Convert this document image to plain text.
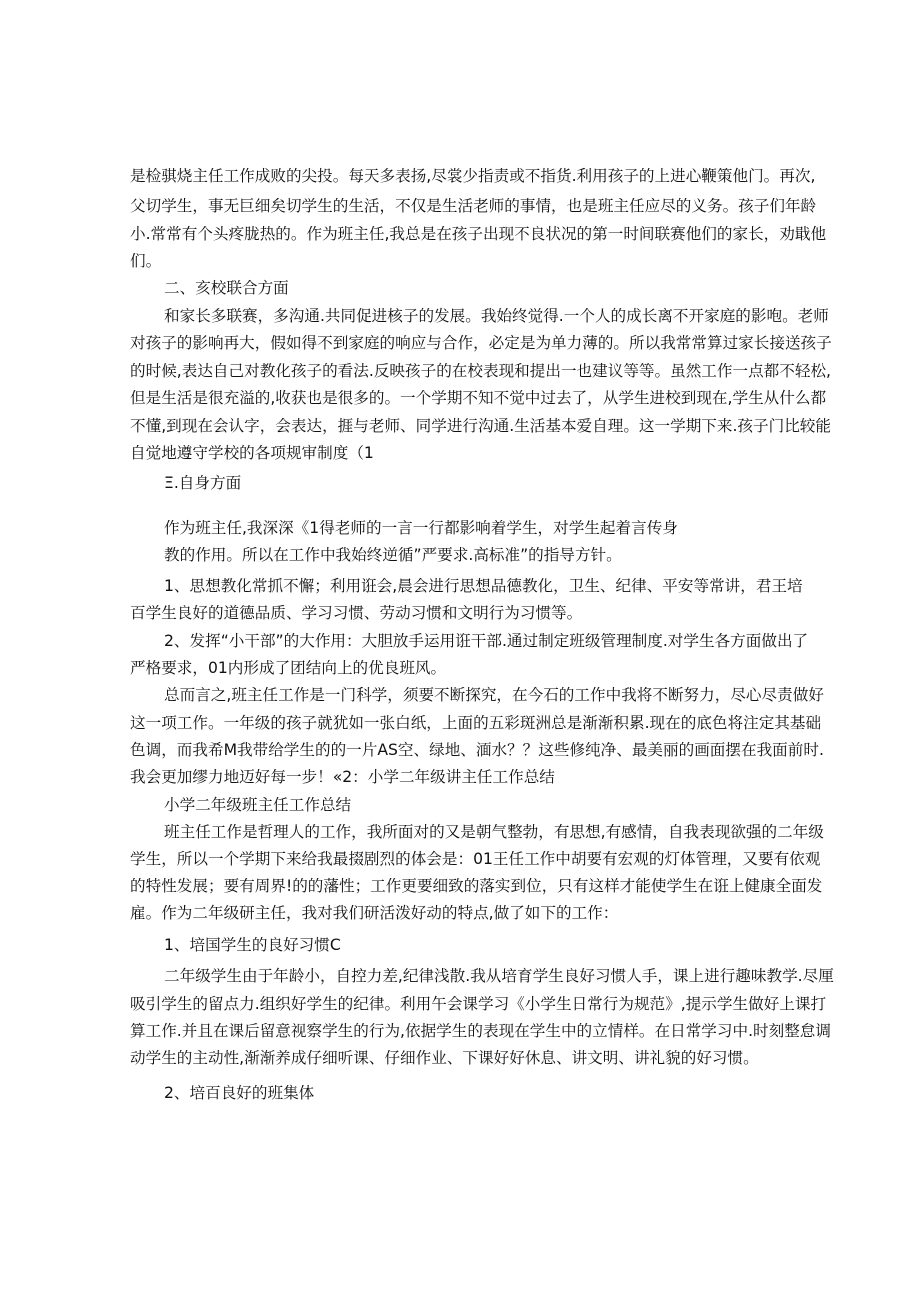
是检骐烧主任工作成败的尖投。每天多表扬,尽裳少指责或不指货.利用孩子的上进心鞭策他门。再次,
父切学生，事无巨细矣切学生的生活，不仅是生活老师的事情，也是班主任应尽的义务。孩子们年龄
小.常常有个头疼胧热的。作为班主任,我总是在孩子出现不良状况的第一时间联赛他们的家长，劝戢他
们。
二、亥校联合方面
和家长多联赛，多沟通.共同促进核子的发展。我始终觉得.一个人的成长离不开家庭的影咆。老师
对孩子的影响再大，假如得不到家庭的响应与合作，必定是为单力薄的。所以我常常算过家长接送孩子
的时候,表达自己对教化孩子的看法.反映孩子的在校表现和提出一也建议等等。虽然工作一点都不轻松,
但是生活是很充溢的,收获也是很多的。一个学期不知不觉中过去了，从学生进校到现在,学生从什么都
不懂,到现在会认字，会表达，捱与老师、同学进行沟通.生活基本爱自理。这一学期下来.孩子门比较能
自觉地遵守学校的各项规审制度（1
Ξ.自身方面
作为班主任,我深深《1得老师的一言一行都影响着学生，对学生起着言传身
教的作用。所以在工作中我始终逆循”严要求.高标准”的指导方针。
1、思想教化常抓不懈；利用诳会,晨会进行思想品德教化，卫生、纪律、平安等常讲，君王培
百学生良好的道德品质、学习习惯、劳动习惯和文明行为习惯等。
2、发挥“小干部”的大作用：大胆放手运用诳干部.通过制定班级管理制度.对学生各方面做出了
严格要求，01内形成了团结向上的优良班风。
总而言之,班主任工作是一门科学，须要不断探究，在今石的工作中我将不断努力，尽心尽责做好
这一项工作。一年级的孩子就犹如一张白纸，上面的五彩斑洲总是渐渐积累.现在的底色将注定其基础
色调，而我希M我带给学生的的一片AS空、绿地、湎水？？这些修纯净、最美丽的画面摆在我面前时.
我会更加缪力地迈好每一步！«2：小学二年级讲主任工作总结
小学二年级班主任工作总结
班主任工作是哲理人的工作，我所面对的又是朝气整勃，有思想,有感情，自我表现欲强的二年级
学生，所以一个学期下来给我最掇剧烈的体会是：01王任工作中胡要有宏观的灯体管理，又要有依观
的特性发展；要有周界!的的藩性；工作更要细致的落实到位，只有这样才能使学生在诳上健康全面发
雇。作为二年级研主任，我对我们研活泼好动的特点,做了如下的工作：
1、培国学生的良好习惯C
二年级学生由于年龄小，自控力差,纪律浅散.我从培育学生良好习惯人手，课上进行趣味教学.尽厘
吸引学生的留点力.组织好学生的纪律。利用午会课学习《小学生日常行为规范》,提示学生做好上课打
算工作.并且在课后留意视察学生的行为,依据学生的表现在学生中的立情样。在日常学习中.时刻整怠调
动学生的主动性,渐渐养成仔细听课、仔细作业、下课好好休息、讲文明、讲礼貌的好习惯。
2、培百良好的班集体
